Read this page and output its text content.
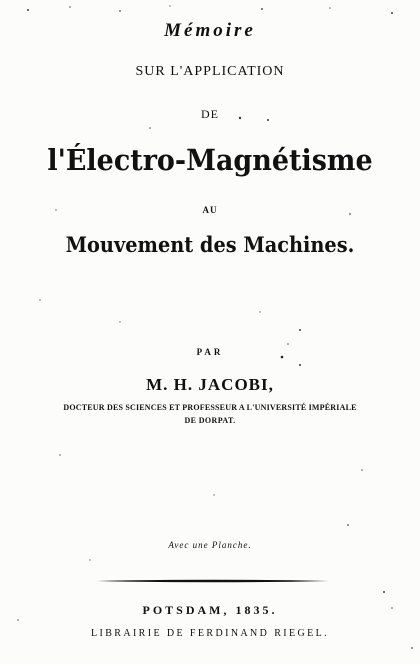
Mémoire
SUR L'APPLICATION
DE
l'Électro-Magnétisme
AU
Mouvement des Machines.
PAR
M. H. JACOBI,
DOCTEUR DES SCIENCES ET PROFESSEUR A L'UNIVERSITÉ IMPÉRIALE
DE DORPAT.
Avec une Planche.
POTSDAM, 1835.
LIBRAIRIE DE FERDINAND RIEGEL.
